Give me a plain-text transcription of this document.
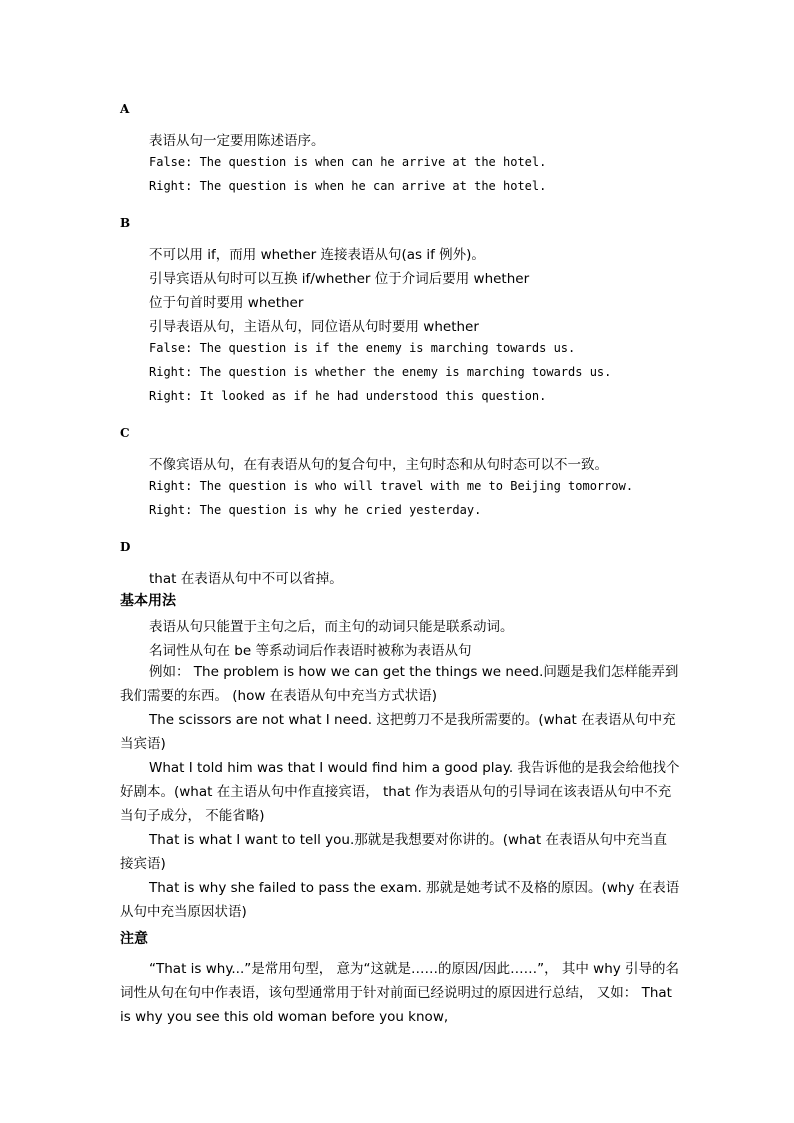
A
表语从句一定要用陈述语序。
False: The question is when can he arrive at the hotel.
Right: The question is when he can arrive at the hotel.
B
不可以用 if，而用 whether 连接表语从句(as if 例外)。
引导宾语从句时可以互换 if/whether 位于介词后要用 whether
位于句首时要用 whether
引导表语从句，主语从句，同位语从句时要用 whether
False: The question is if the enemy is marching towards us.
Right: The question is whether the enemy is marching towards us.
Right: It looked as if he had understood this question.
C
不像宾语从句，在有表语从句的复合句中，主句时态和从句时态可以不一致。
Right: The question is who will travel with me to Beijing tomorrow.
Right: The question is why he cried yesterday.
D
that 在表语从句中不可以省掉。
基本用法
表语从句只能置于主句之后，而主句的动词只能是联系动词。
名词性从句在 be 等系动词后作表语时被称为表语从句

例如： The problem is how we can get the things we need.问题是我们怎样能弄到我们需要的东西。 (how 在表语从句中充当方式状语)

The scissors are not what I need. 这把剪刀不是我所需要的。(what 在表语从句中充当宾语)

What I told him was that I would find him a good play. 我告诉他的是我会给他找个好剧本。(what 在主语从句中作直接宾语， that 作为表语从句的引导词在该表语从句中不充当句子成分， 不能省略)

That is what I want to tell you.那就是我想要对你讲的。(what 在表语从句中充当直接宾语)

That is why she failed to pass the exam. 那就是她考试不及格的原因。(why 在表语从句中充当原因状语)

注意

“That is why...”是常用句型， 意为“这就是……的原因/因此……”， 其中 why 引导的名词性从句在句中作表语，该句型通常用于针对前面已经说明过的原因进行总结， 又如： That is why you see this old woman before you know,
